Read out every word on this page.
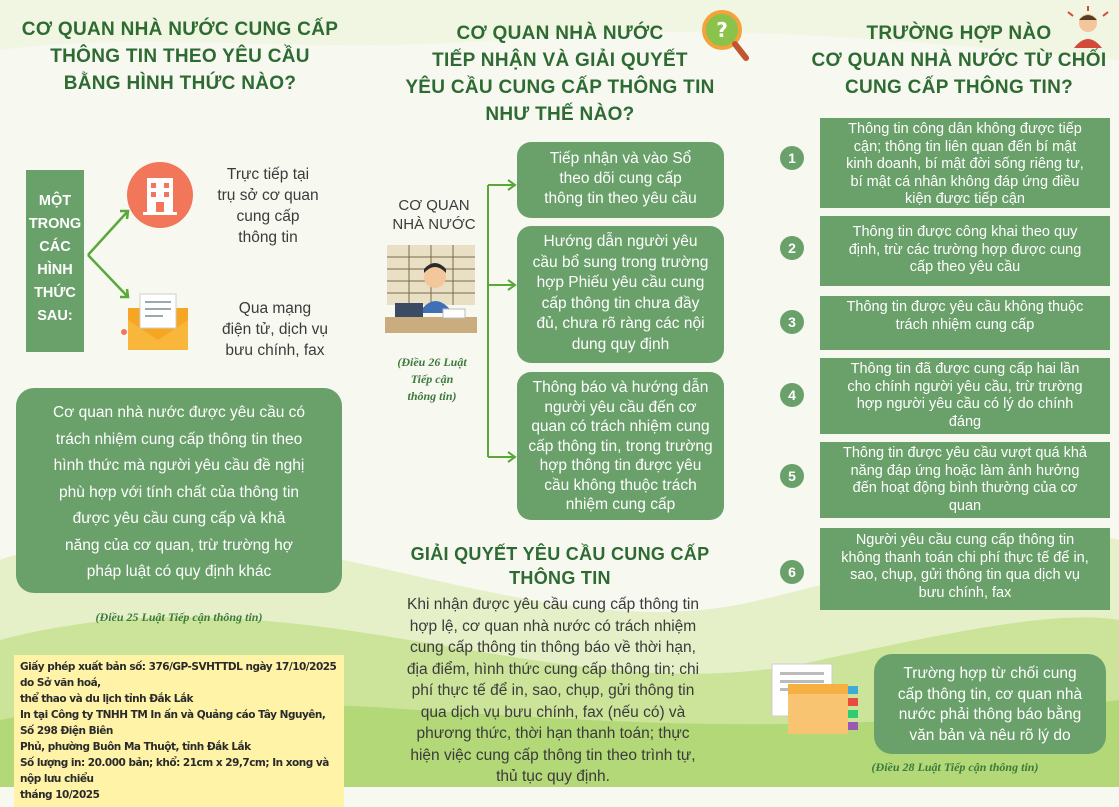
CƠ QUAN NHÀ NƯỚC CUNG CẤP
THÔNG TIN THEO YÊU CẦU
BẰNG HÌNH THỨC NÀO?
MỘT
TRONG
CÁC
HÌNH
THỨC
SAU:
Trực tiếp tại
trụ sở cơ quan
cung cấp
thông tin
Qua mạng
điện tử, dịch vụ
bưu chính, fax
Cơ quan nhà nước được yêu cầu có
trách nhiệm cung cấp thông tin theo
hình thức mà người yêu cầu đề nghị
phù hợp với tính chất của thông tin
được yêu cầu cung cấp và khả
năng của cơ quan, trừ trường hợ
pháp luật có quy định khác
(Điều 25 Luật Tiếp cận thông tin)
Giấy phép xuất bản số: 376/GP-SVHTTDL ngày 17/10/2025 do Sở văn hoá,
thể thao và du lịch tỉnh Đắk Lắk
In tại Công ty TNHH TM In ấn và Quảng cáo Tây Nguyên, Số 298 Điện Biên
Phủ, phường Buôn Ma Thuột, tỉnh Đắk Lắk
Số lượng in: 20.000 bản; khổ: 21cm x 29,7cm; In xong và nộp lưu chiểu
tháng 10/2025
CƠ QUAN NHÀ NƯỚC
TIẾP NHẬN VÀ GIẢI QUYẾT
YÊU CẦU CUNG CẤP THÔNG TIN
NHƯ THẾ NÀO?
?
CƠ QUAN
NHÀ NƯỚC
(Điều 26 Luật
Tiếp cận
thông tin)
Tiếp nhận và vào Sổ
theo dõi cung cấp
thông tin theo yêu cầu
Hướng dẫn người yêu
cầu bổ sung trong trường
hợp Phiếu yêu cầu cung
cấp thông tin chưa đầy
đủ, chưa rõ ràng các nội
dung quy định
Thông báo và hướng dẫn
người yêu cầu đến cơ
quan có trách nhiệm cung
cấp thông tin, trong trường
hợp thông tin được yêu
cầu không thuộc trách
nhiệm cung cấp
GIẢI QUYẾT YÊU CẦU CUNG CẤP
THÔNG TIN
Khi nhận được yêu cầu cung cấp thông tin
hợp lệ, cơ quan nhà nước có trách nhiệm
cung cấp thông tin thông báo về thời hạn,
địa điểm, hình thức cung cấp thông tin; chi
phí thực tế để in, sao, chụp, gửi thông tin
qua dịch vụ bưu chính, fax (nếu có) và
phương thức, thời hạn thanh toán; thực
hiện việc cung cấp thông tin theo trình tự,
thủ tục quy định.
TRƯỜNG HỢP NÀO
CƠ QUAN NHÀ NƯỚC TỪ CHỐI
CUNG CẤP THÔNG TIN?
1
Thông tin công dân không được tiếp
cận; thông tin liên quan đến bí mật
kinh doanh, bí mật đời sống riêng tư,
bí mật cá nhân không đáp ứng điều
kiện được tiếp cận
2
Thông tin được công khai theo quy
định, trừ các trường hợp được cung
cấp theo yêu cầu
3
Thông tin được yêu cầu không thuộc
trách nhiệm cung cấp
4
Thông tin đã được cung cấp hai lần
cho chính người yêu cầu, trừ trường
hợp người yêu cầu có lý do chính
đáng
5
Thông tin được yêu cầu vượt quá khả
năng đáp ứng hoặc làm ảnh hưởng
đến hoạt động bình thường của cơ
quan
6
Người yêu cầu cung cấp thông tin
không thanh toán chi phí thực tế để in,
sao, chụp, gửi thông tin qua dịch vụ
bưu chính, fax
Trường hợp từ chối cung
cấp thông tin, cơ quan nhà
nước phải thông báo bằng
văn bản và nêu rõ lý do
(Điều 28 Luật Tiếp cận thông tin)
